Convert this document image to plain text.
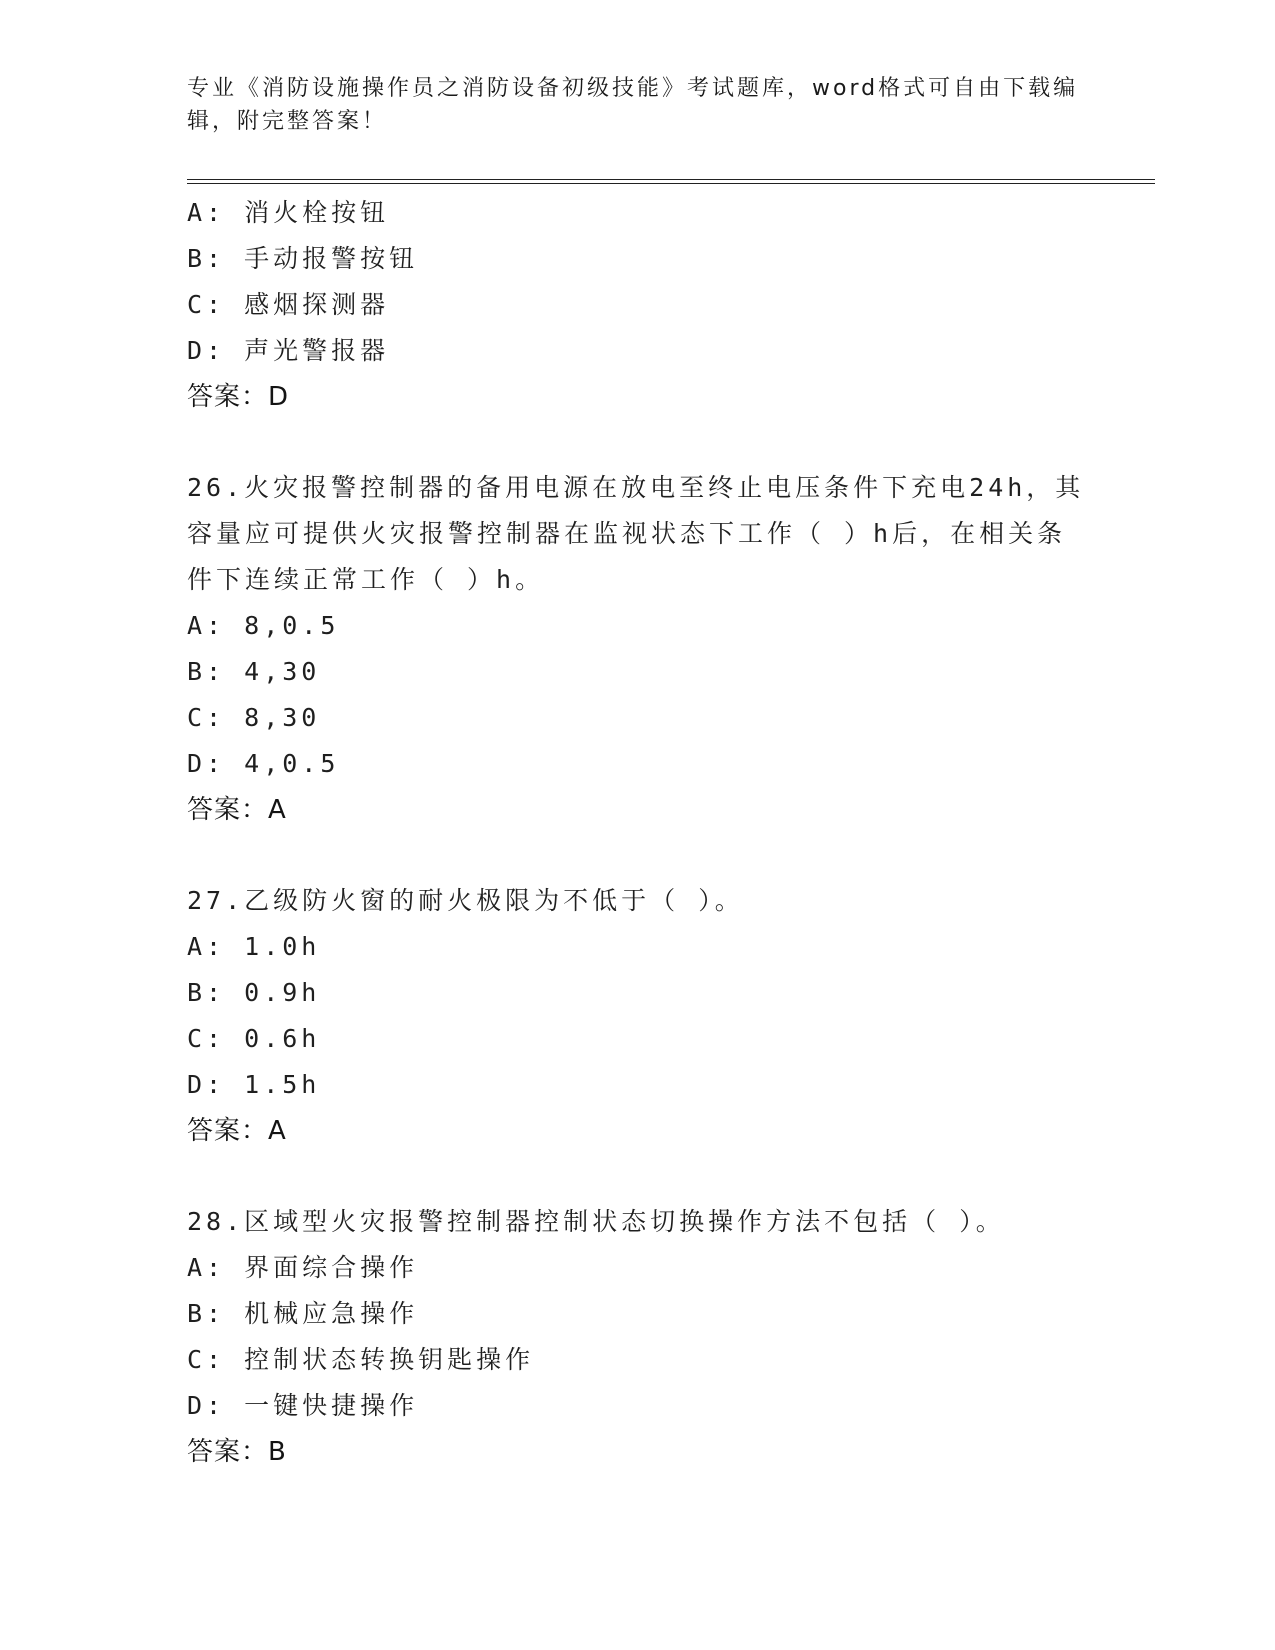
专业《消防设施操作员之消防设备初级技能》考试题库，word格式可自由下载编
辑，附完整答案！
A: 消火栓按钮
B: 手动报警按钮
C: 感烟探测器
D: 声光警报器
答案：D
26.火灾报警控制器的备用电源在放电至终止电压条件下充电24h，其
容量应可提供火灾报警控制器在监视状态下工作（ ）h后，在相关条
件下连续正常工作（ ）h。
A: 8,0.5
B: 4,30
C: 8,30
D: 4,0.5
答案：A
27.乙级防火窗的耐火极限为不低于（ ）。
A: 1.0h
B: 0.9h
C: 0.6h
D: 1.5h
答案：A
28.区域型火灾报警控制器控制状态切换操作方法不包括（ ）。
A: 界面综合操作
B: 机械应急操作
C: 控制状态转换钥匙操作
D: 一键快捷操作
答案：B
